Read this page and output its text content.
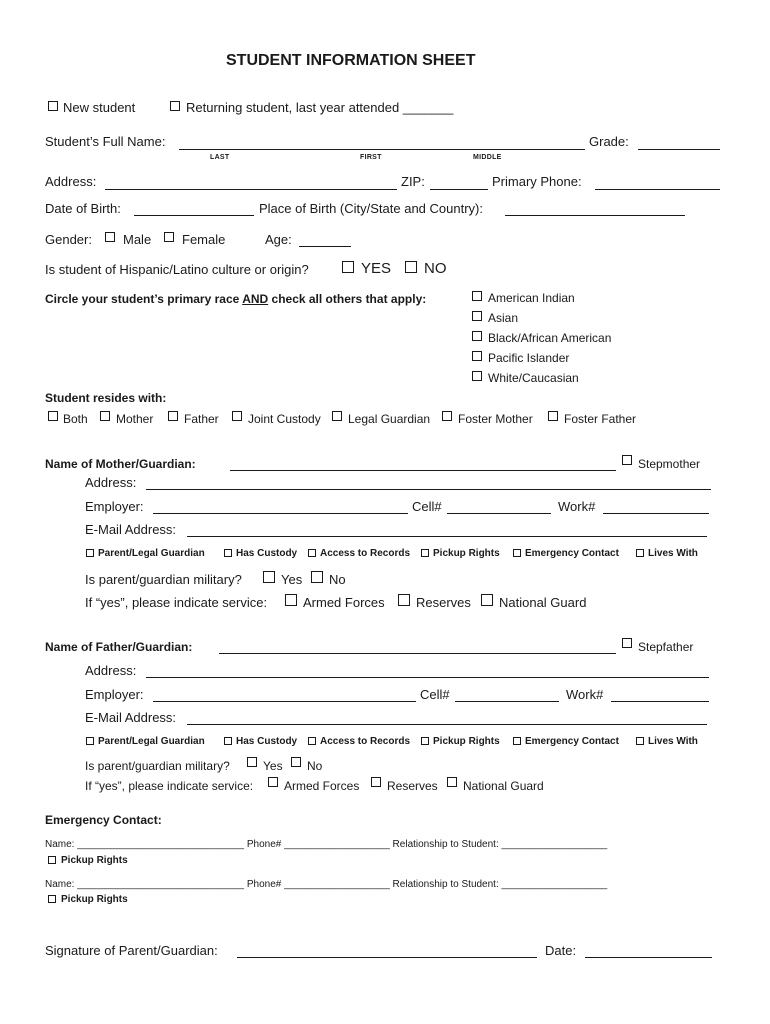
STUDENT INFORMATION SHEET
New student	Returning student, last year attended _______
Student’s Full Name:	Grade:
LAST	FIRST	MIDDLE
Address:	ZIP:	Primary Phone:
Date of Birth:	Place of Birth (City/State and Country):
Gender: Male Female	Age:
Is student of Hispanic/Latino culture or origin?	YES NO
Circle your student’s primary race AND check all others that apply:	American Indian
Asian
Black/African American
Pacific Islander
White/Caucasian
Student resides with:
Both Mother	Father Joint Custody Legal Guardian Foster Mother	Foster Father
Name of Mother/Guardian:	Stepmother
Address:
Employer:	Cell#	Work#
E-Mail Address:
Parent/Legal Guardian	Has Custody Access to Records Pickup Rights	Emergency Contact	Lives With
Is parent/guardian military?	Yes No
If “yes”, please indicate service:	Armed Forces Reserves National Guard
Name of Father/Guardian:	Stepfather
Address:
Employer:	Cell#	Work#
E-Mail Address:
Parent/Legal Guardian	Has Custody Access to Records Pickup Rights	Emergency Contact	Lives With
Is parent/guardian military?	Yes No
If “yes”, please indicate service:	Armed Forces Reserves National Guard
Emergency Contact:
Name: ______________________________ Phone# ___________________ Relationship to Student: ___________________
Pickup Rights
Name: ______________________________ Phone# ___________________ Relationship to Student: ___________________
Pickup Rights
Signature of Parent/Guardian:	Date:
